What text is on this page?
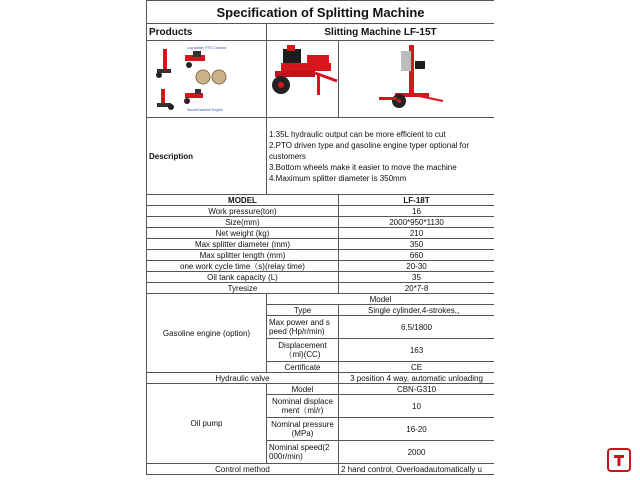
Specification of Splitting Machine		
Products	Slitting Machine LF-15T	

Log splitter PTO Connect
Wood/Gasoline Engine

Description	1.35L hydraulic output can be more efficient to cut
2.PTO driven type and gasoline engine typer optional for customers
3.Bottom wheels make it easier to move the machine
4.Maximum splitter diameter is 350mm	

MODEL		LF-18T
Work pressure(ton)		16
Size(mm)		2000*950*1130
Net weight (kg)		210
Max splitter diameter (mm)		350
Max splitter length (mm)		660
one work cycle time（s)(relay time)		20-30
Oil tank capacity (L)		35
Tyresize		20*7-8
Gasoline engine (option)	Model	
	Type	Single cylinder,4-strokes,、
	Max power and s peed (Hp/r/min)	6.5/1800
	Displacement （ml)(CC)	163
	Certificate	CE
Hydraulic valve		3 position 4 way, automatic unloading
Oil pump	Model	CBN-G310
	Nominal displace ment（ml/r)	10
	Nominal pressure (MPa)	16-20
	Nominal speed(2 000r/min)	2000
Control method		2 hand control, Overloadautomatically u
